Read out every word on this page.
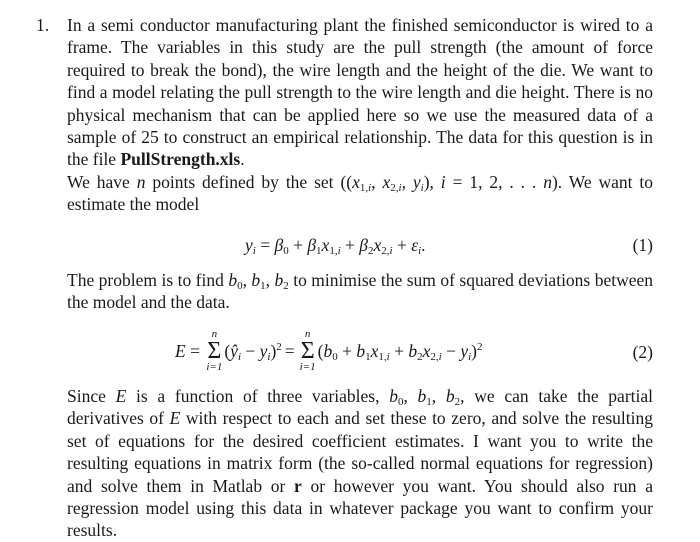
1. In a semi conductor manufacturing plant the finished semiconductor is wired to a frame. The variables in this study are the pull strength (the amount of force required to break the bond), the wire length and the height of the die. We want to find a model relating the pull strength to the wire length and die height. There is no physical mechanism that can be applied here so we use the measured data of a sample of 25 to construct an empirical relationship. The data for this question is in the file PullStrength.xls.
We have n points defined by the set (($x_{1,i}$, $x_{2,i}$, $y_i$), i = 1, 2, . . . n). We want to estimate the model
$y_i = \beta_0 + \beta_1x_{1,i} + \beta_2x_{2,i} + \varepsilon_i$.	(1)
The problem is to find $b_0$, $b_1$, $b_2$ to minimise the sum of squared deviations between the model and the data.
E =
n
Σ
i=1
$(ŷ_i - y_i)^2$ =
n
Σ
i=1
$(b_0 + b_1x_{1,i} + b_2x_{2,i} - y_i)^2$	(2)
Since E is a function of three variables, $b_0$, $b_1$, $b_2$, we can take the partial derivatives of E with respect to each and set these to zero, and solve the resulting set of equations for the desired coefficient estimates. I want you to write the resulting equations in matrix form (the so-called normal equations for regression) and solve them in Matlab or r or however you want. You should also run a regression model using this data in whatever package you want to confirm your results.
